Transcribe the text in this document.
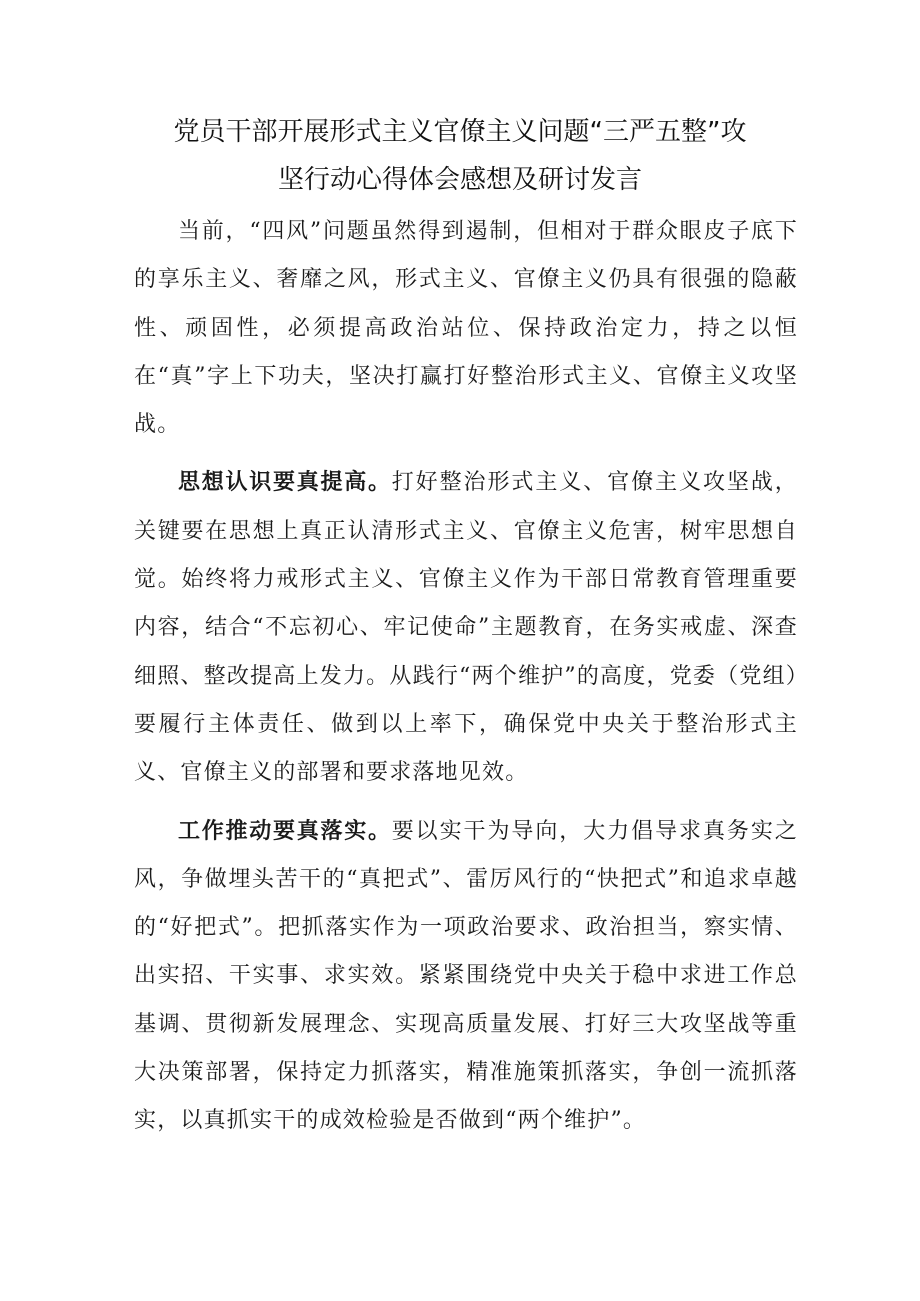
党员干部开展形式主义官僚主义问题“三严五整”攻
坚行动心得体会感想及研讨发言

当前，“四风”问题虽然得到遏制，但相对于群众眼皮子底下的享乐主义、奢靡之风，形式主义、官僚主义仍具有很强的隐蔽性、顽固性，必须提高政治站位、保持政治定力，持之以恒在“真”字上下功夫，坚决打赢打好整治形式主义、官僚主义攻坚战。

思想认识要真提高。打好整治形式主义、官僚主义攻坚战，关键要在思想上真正认清形式主义、官僚主义危害，树牢思想自觉。始终将力戒形式主义、官僚主义作为干部日常教育管理重要内容，结合“不忘初心、牢记使命”主题教育，在务实戒虚、深查细照、整改提高上发力。从践行“两个维护”的高度，党委（党组）要履行主体责任、做到以上率下，确保党中央关于整治形式主义、官僚主义的部署和要求落地见效。

工作推动要真落实。要以实干为导向，大力倡导求真务实之风，争做埋头苦干的“真把式”、雷厉风行的“快把式”和追求卓越的“好把式”。把抓落实作为一项政治要求、政治担当，察实情、出实招、干实事、求实效。紧紧围绕党中央关于稳中求进工作总基调、贯彻新发展理念、实现高质量发展、打好三大攻坚战等重大决策部署，保持定力抓落实，精准施策抓落实，争创一流抓落实，以真抓实干的成效检验是否做到“两个维护”。
